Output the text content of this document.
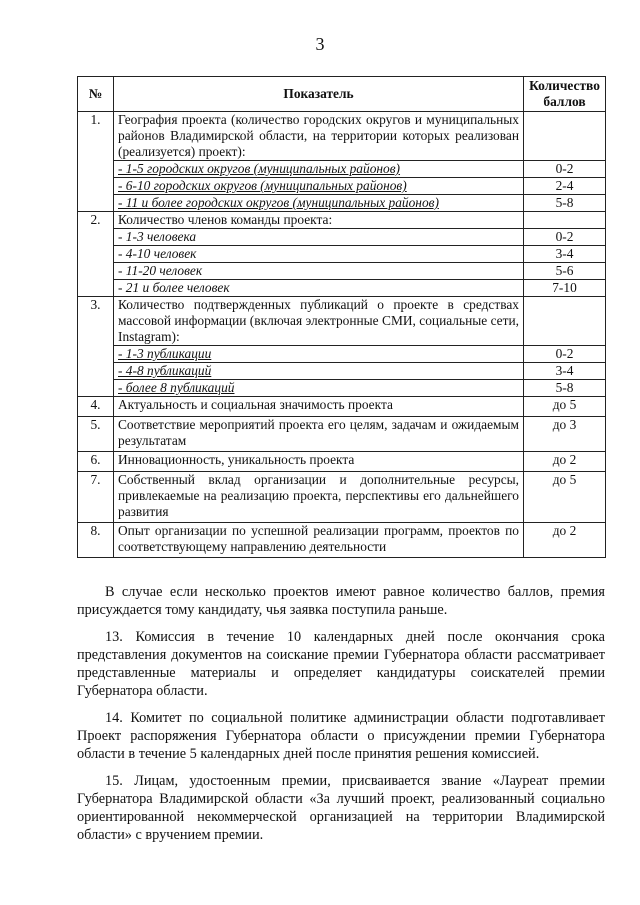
3
№	Показатель	Количество баллов
1.	География проекта (количество городских округов и муниципальных районов Владимирской области, на территории которых реализован (реализуется) проект):	
	- 1-5 городских округов (муниципальных районов)	0-2
	- 6-10 городских округов (муниципальных районов)	2-4
	- 11 и более городских округов (муниципальных районов)	5-8
2.	Количество членов команды проекта:	
	- 1-3 человека	0-2
	- 4-10 человек	3-4
	- 11-20 человек	5-6
	- 21 и более человек	7-10
3.	Количество подтвержденных публикаций о проекте в средствах массовой информации (включая электронные СМИ, социальные сети, Instagram):	
	- 1-3 публикации	0-2
	- 4-8 публикаций	3-4
	- более 8 публикаций	5-8
4.	Актуальность и социальная значимость проекта	до 5
5.	Соответствие мероприятий проекта его целям, задачам и ожидаемым результатам	до 3
6.	Инновационность, уникальность проекта	до 2
7.	Собственный вклад организации и дополнительные ресурсы, привлекаемые на реализацию проекта, перспективы его дальнейшего развития	до 5
8.	Опыт организации по успешной реализации программ, проектов по соответствующему направлению деятельности	до 2

В случае если несколько проектов имеют равное количество баллов, премия присуждается тому кандидату, чья заявка поступила раньше.

13. Комиссия в течение 10 календарных дней после окончания срока представления документов на соискание премии Губернатора области рассматривает представленные материалы и определяет кандидатуры соискателей премии Губернатора области.

14. Комитет по социальной политике администрации области подготавливает Проект распоряжения Губернатора области о присуждении премии Губернатора области в течение 5 календарных дней после принятия решения комиссией.

15. Лицам, удостоенным премии, присваивается звание «Лауреат премии Губернатора Владимирской области «За лучший проект, реализованный социально ориентированной некоммерческой организацией на территории Владимирской области» с вручением премии.
